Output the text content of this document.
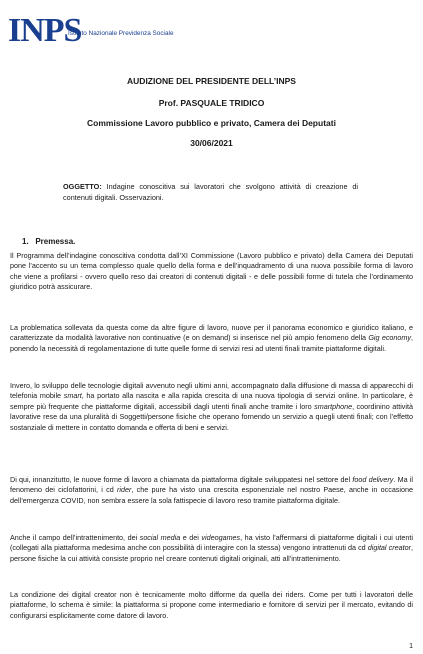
INPS
Istituto Nazionale Previdenza Sociale
AUDIZIONE DEL PRESIDENTE DELL’INPS
Prof. PASQUALE TRIDICO
Commissione Lavoro pubblico e privato, Camera dei Deputati
30/06/2021
OGGETTO: Indagine conoscitiva sui lavoratori che svolgono attività di creazione di contenuti digitali. Osservazioni.
1. Premessa.
Il Programma dell’indagine conoscitiva condotta dall’XI Commissione (Lavoro pubblico e privato) della Camera dei Deputati pone l’accento su un tema complesso quale quello della forma e dell’inquadramento di una nuova possibile forma di lavoro che viene a profilarsi - ovvero quello reso dai creatori di contenuti digitali - e delle possibili forme di tutela che l’ordinamento giuridico potrà assicurare.
La problematica sollevata da questa come da altre figure di lavoro, nuove per il panorama economico e giuridico italiano, e caratterizzate da modalità lavorative non continuative (e on demand) si inserisce nel più ampio fenomeno della Gig economy, ponendo la necessità di regolamentazione di tutte quelle forme di servizi resi ad utenti finali tramite piattaforme digitali.
Invero, lo sviluppo delle tecnologie digitali avvenuto negli ultimi anni, accompagnato dalla diffusione di massa di apparecchi di telefonia mobile smart, ha portato alla nascita e alla rapida crescita di una nuova tipologia di servizi online. In particolare, è sempre più frequente che piattaforme digitali, accessibili dagli utenti finali anche tramite i loro smartphone, coordinino attività lavorative rese da una pluralità di Soggetti/persone fisiche che operano fornendo un servizio a quegli utenti finali; con l’effetto sostanziale di mettere in contatto domanda e offerta di beni e servizi.
Di qui, innanzitutto, le nuove forme di lavoro a chiamata da piattaforma digitale sviluppatesi nel settore del food delivery. Ma il fenomeno dei ciclofattorini, i cd rider, che pure ha visto una crescita esponenziale nel nostro Paese, anche in occasione dell’emergenza COVID, non sembra essere la sola fattispecie di lavoro reso tramite piattaforma digitale.
Anche il campo dell’intrattenimento, dei social media e dei videogames, ha visto l’affermarsi di piattaforme digitali i cui utenti (collegati alla piattaforma medesima anche con possibilità di interagire con la stessa) vengono intrattenuti da cd digital creator, persone fisiche la cui attività consiste proprio nel creare contenuti digitali originali, atti all’intrattenimento.
La condizione dei digital creator non è tecnicamente molto difforme da quella dei riders. Come per tutti i lavoratori delle piattaforme, lo schema è simile: la piattaforma si propone come intermediario e fornitore di servizi per il mercato, evitando di configurarsi esplicitamente come datore di lavoro.
1
